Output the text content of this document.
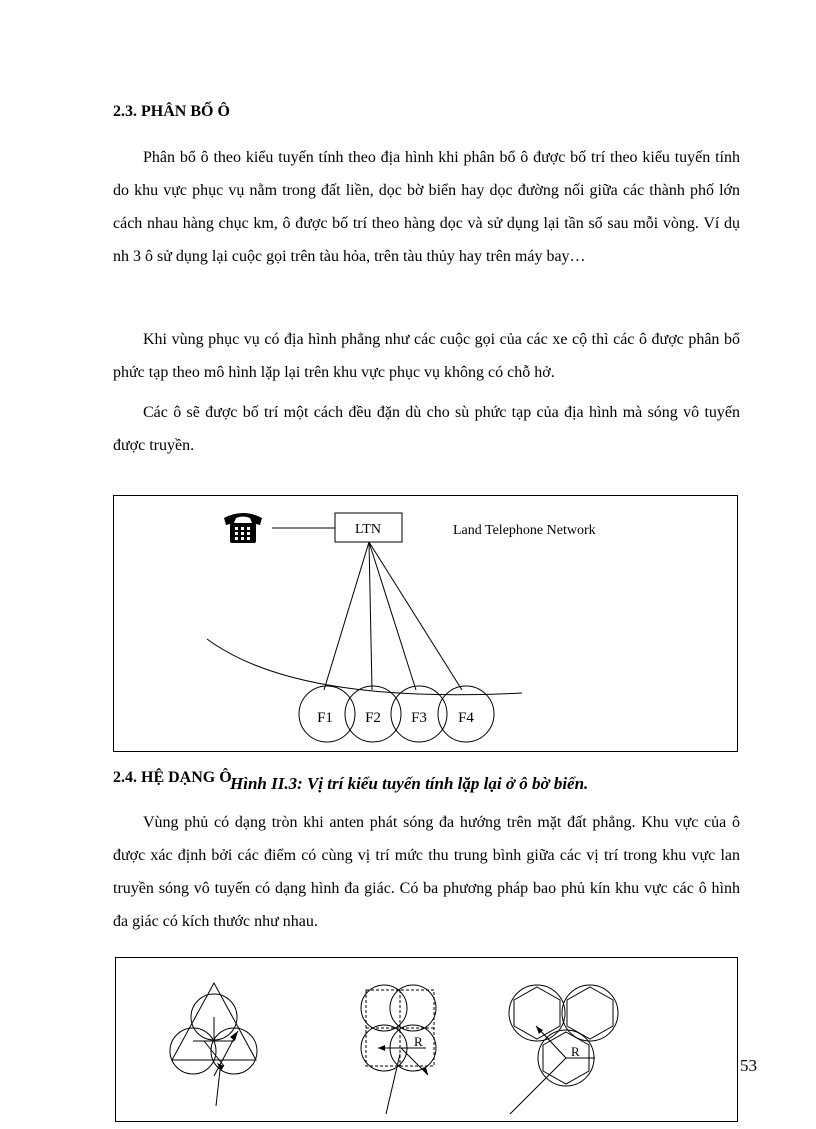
2.3. PHÂN BỔ Ô
Phân bổ ô theo kiểu tuyến tính theo địa hình khi phân bổ ô được bố trí theo kiểu tuyến tính do khu vực phục vụ nằm trong đất liền, dọc bờ biển hay dọc đường nối giữa các thành phố lớn cách nhau hàng chục km, ô được bố trí theo hàng dọc và sử dụng lại tần số sau mỗi vòng. Ví dụ nh 3 ô sử dụng lại cuộc gọi trên tàu hỏa, trên tàu thủy hay trên máy bay…
Khi vùng phục vụ có địa hình phẳng như các cuộc gọi của các xe cộ thì các ô được phân bổ phức tạp theo mô hình lặp lại trên khu vực phục vụ không có chỗ hở.
Các ô sẽ được bố trí một cách đều đặn dù cho sù phức tạp của địa hình mà sóng vô tuyến được truyền.
LTN	Land Telephone Network
F1 F2 F3 F4
2.4. HỆ DẠNG Ô
Hình II.3: Vị trí kiểu tuyến tính lặp lại ở ô bờ biển.
Vùng phủ có dạng tròn khi anten phát sóng đa hướng trên mặt đất phẳng. Khu vực của ô được xác định bởi các điểm có cùng vị trí mức thu trung bình giữa các vị trí trong khu vực lan truyền sóng vô tuyến có dạng hình đa giác. Có ba phương pháp bao phủ kín khu vực các ô hình đa giác có kích thước như nhau.
R
R
53
